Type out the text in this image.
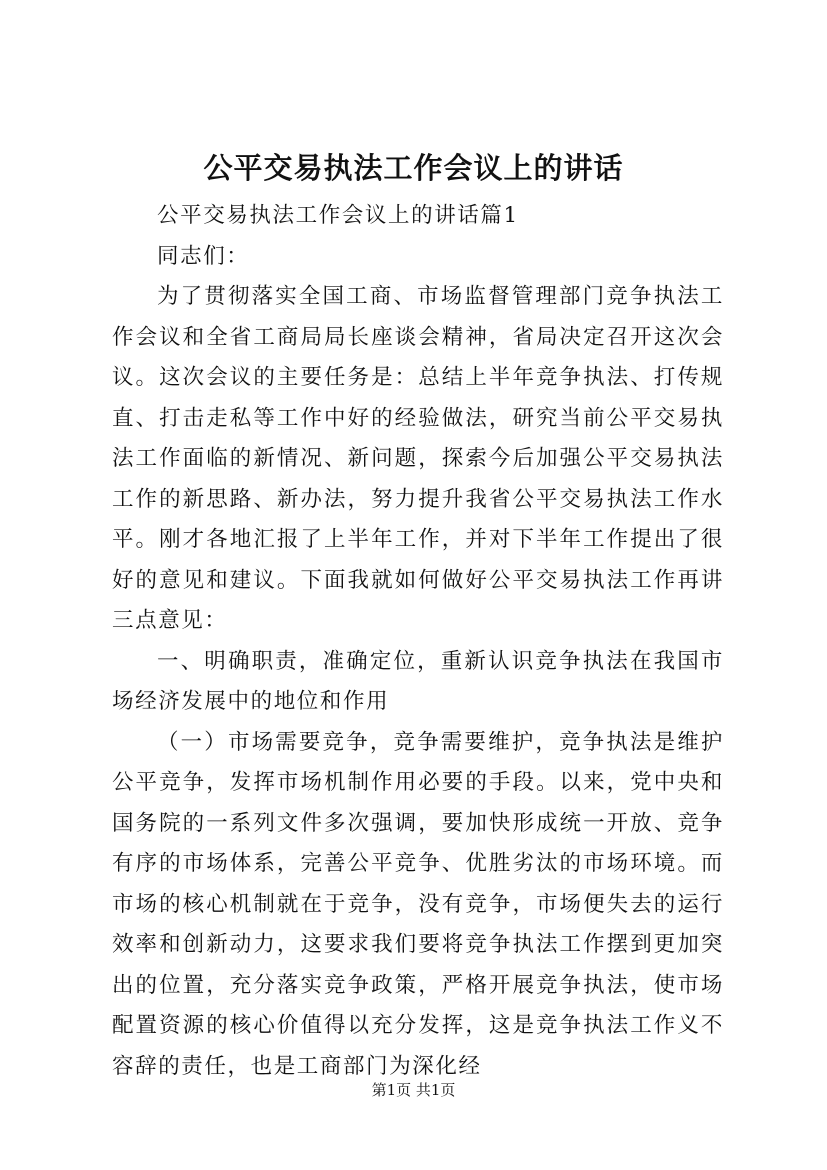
公平交易执法工作会议上的讲话

公平交易执法工作会议上的讲话篇1

同志们：

为了贯彻落实全国工商、市场监督管理部门竞争执法工作会议和全省工商局局长座谈会精神，省局决定召开这次会议。这次会议的主要任务是：总结上半年竞争执法、打传规直、打击走私等工作中好的经验做法，研究当前公平交易执法工作面临的新情况、新问题，探索今后加强公平交易执法工作的新思路、新办法，努力提升我省公平交易执法工作水平。刚才各地汇报了上半年工作，并对下半年工作提出了很好的意见和建议。下面我就如何做好公平交易执法工作再讲三点意见：

一、明确职责，准确定位，重新认识竞争执法在我国市场经济发展中的地位和作用

（一）市场需要竞争，竞争需要维护，竞争执法是维护公平竞争，发挥市场机制作用必要的手段。以来，党中央和国务院的一系列文件多次强调，要加快形成统一开放、竞争有序的市场体系，完善公平竞争、优胜劣汰的市场环境。而市场的核心机制就在于竞争，没有竞争，市场便失去的运行效率和创新动力，这要求我们要将竞争执法工作摆到更加突出的位置，充分落实竞争政策，严格开展竞争执法，使市场配置资源的核心价值得以充分发挥，这是竞争执法工作义不容辞的责任，也是工商部门为深化经

第1页 共1页
